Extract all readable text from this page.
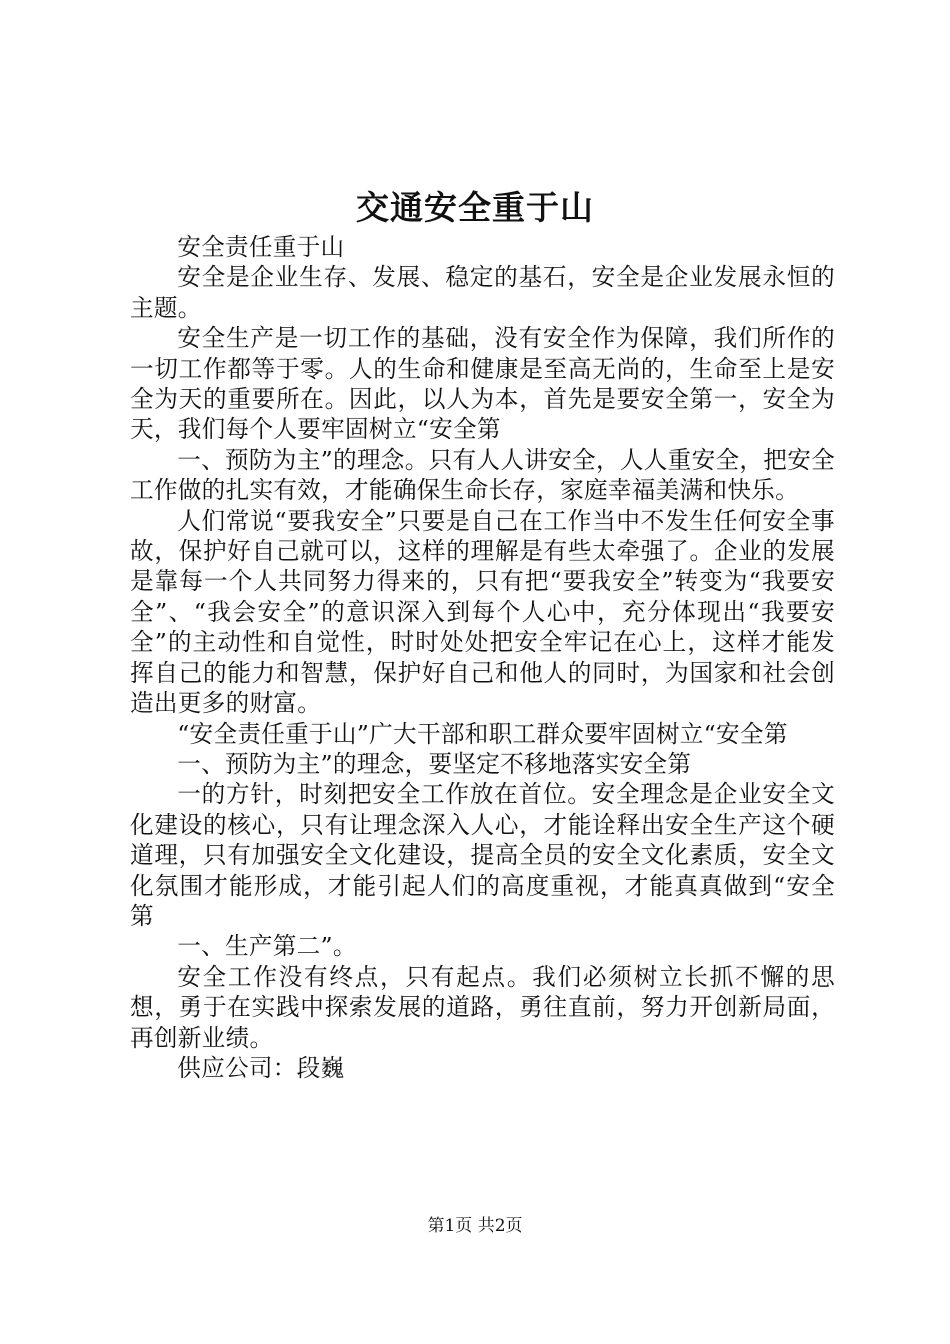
交通安全重于山

安全责任重于山

安全是企业生存、发展、稳定的基石，安全是企业发展永恒的主题。

安全生产是一切工作的基础，没有安全作为保障，我们所作的一切工作都等于零。人的生命和健康是至高无尚的，生命至上是安全为天的重要所在。因此，以人为本，首先是要安全第一，安全为天，我们每个人要牢固树立“安全第

一、预防为主”的理念。只有人人讲安全，人人重安全，把安全工作做的扎实有效，才能确保生命长存，家庭幸福美满和快乐。

人们常说“要我安全”只要是自己在工作当中不发生任何安全事故，保护好自己就可以，这样的理解是有些太牵强了。企业的发展是靠每一个人共同努力得来的，只有把“要我安全”转变为“我要安全”、“我会安全”的意识深入到每个人心中，充分体现出“我要安全”的主动性和自觉性，时时处处把安全牢记在心上，这样才能发挥自己的能力和智慧，保护好自己和他人的同时，为国家和社会创造出更多的财富。

“安全责任重于山”广大干部和职工群众要牢固树立“安全第

一、预防为主”的理念，要坚定不移地落实安全第

一的方针，时刻把安全工作放在首位。安全理念是企业安全文化建设的核心，只有让理念深入人心，才能诠释出安全生产这个硬道理，只有加强安全文化建设，提高全员的安全文化素质，安全文化氛围才能形成，才能引起人们的高度重视，才能真真做到“安全第

一、生产第二”。

安全工作没有终点，只有起点。我们必须树立长抓不懈的思想，勇于在实践中探索发展的道路，勇往直前，努力开创新局面，再创新业绩。

供应公司：段巍

第1页 共2页
